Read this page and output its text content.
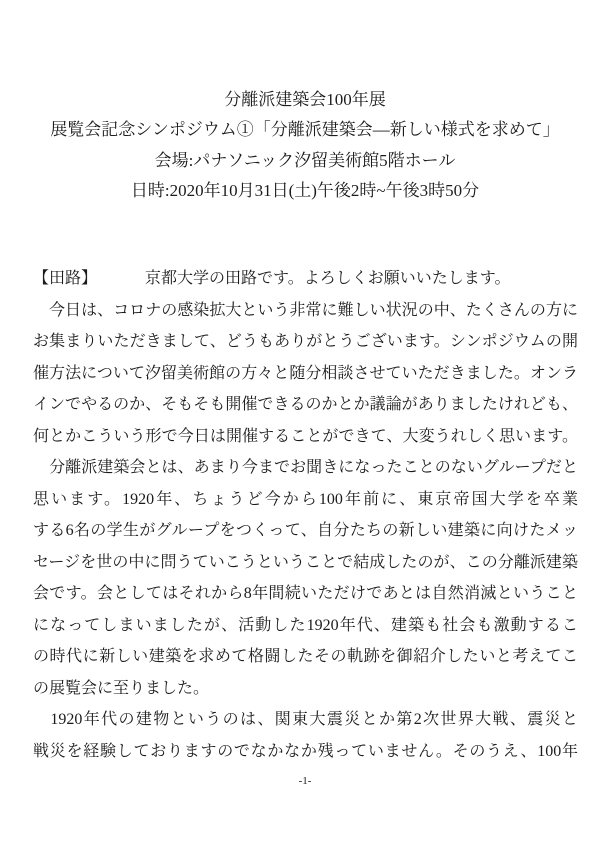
分離派建築会100年展
展覧会記念シンポジウム①「分離派建築会―新しい様式を求めて」
会場:パナソニック汐留美術館5階ホール
日時:2020年10月31日(土)午後2時~午後3時50分
【田路】	京都大学の田路です。よろしくお願いいたします。
　今日は、コロナの感染拡大という非常に難しい状況の中、たくさんの方に
お集まりいただきまして、どうもありがとうございます。シンポジウムの開
催方法について汐留美術館の方々と随分相談させていただきました。オンラ
インでやるのか、そもそも開催できるのかとか議論がありましたけれども、
何とかこういう形で今日は開催することができて、大変うれしく思います。
　分離派建築会とは、あまり今までお聞きになったことのないグループだと
思います。1920年、ちょうど今から100年前に、東京帝国大学を卒業
する6名の学生がグループをつくって、自分たちの新しい建築に向けたメッ
セージを世の中に問うていこうということで結成したのが、この分離派建築
会です。会としてはそれから8年間続いただけであとは自然消滅ということ
になってしまいましたが、活動した1920年代、建築も社会も激動するこ
の時代に新しい建築を求めて格闘したその軌跡を御紹介したいと考えてこ
の展覧会に至りました。
　1920年代の建物というのは、関東大震災とか第2次世界大戦、震災と
戦災を経験しておりますのでなかなか残っていません。そのうえ、100年
-1-
